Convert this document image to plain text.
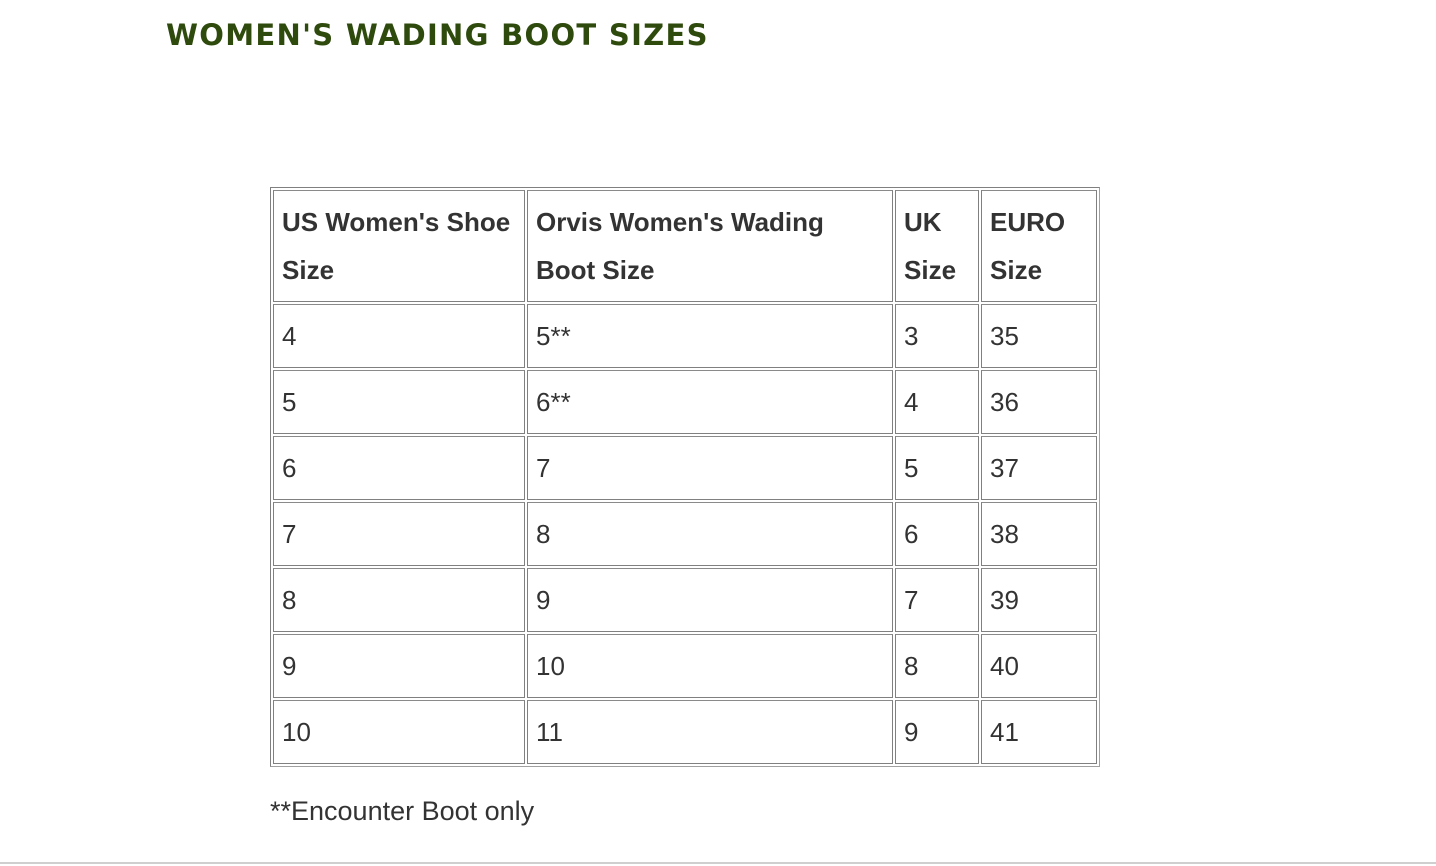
WOMEN'S WADING BOOT SIZES
US Women's Shoe Size	Orvis Women's Wading Boot Size	UK Size	EURO Size
4	5**	3	35
5	6**	4	36
6	7	5	37
7	8	6	38
8	9	7	39
9	10	8	40
10	11	9	41

**Encounter Boot only
